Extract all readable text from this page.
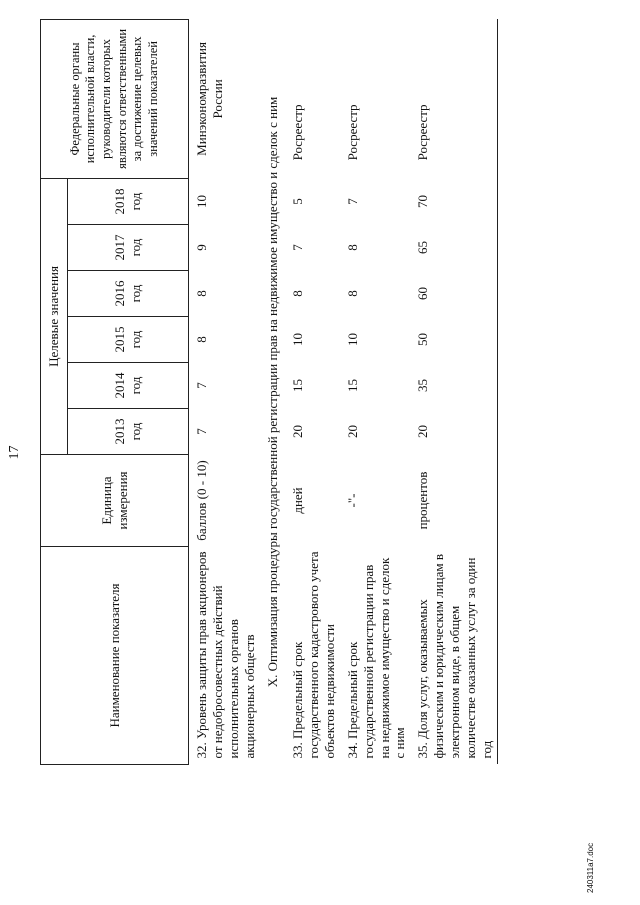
17
Наименование показателя	Единица измерения	Целевые значения						Федеральные органы исполнительной власти, руководители которых являются ответственными за достижение целевых значений показателей
		2013 год	2014 год	2015 год	2016 год	2017 год	2018 год	
32. Уровень защиты прав акционеров от недобросовестных действий исполнительных органов акционерных обществ	баллов (0 - 10)	7	7	8	8	9	10	Минэкономразвития России
X. Оптимизация процедуры государственной регистрации прав на недвижимое имущество и сделок с ним								
33. Предельный срок государственного кадастрового учета объектов недвижимости	дней	20	15	10	8	7	5	Росреестр
34. Предельный срок государственной регистрации прав на недвижимое имущество и сделок с ним	-"-	20	15	10	8	8	7	Росреестр
35. Доля услуг, оказываемых физическим и юридическим лицам в электронном виде, в общем количестве оказанных услуг за один год	процентов	20	35	50	60	65	70	Росреестр
240311a7.doc
